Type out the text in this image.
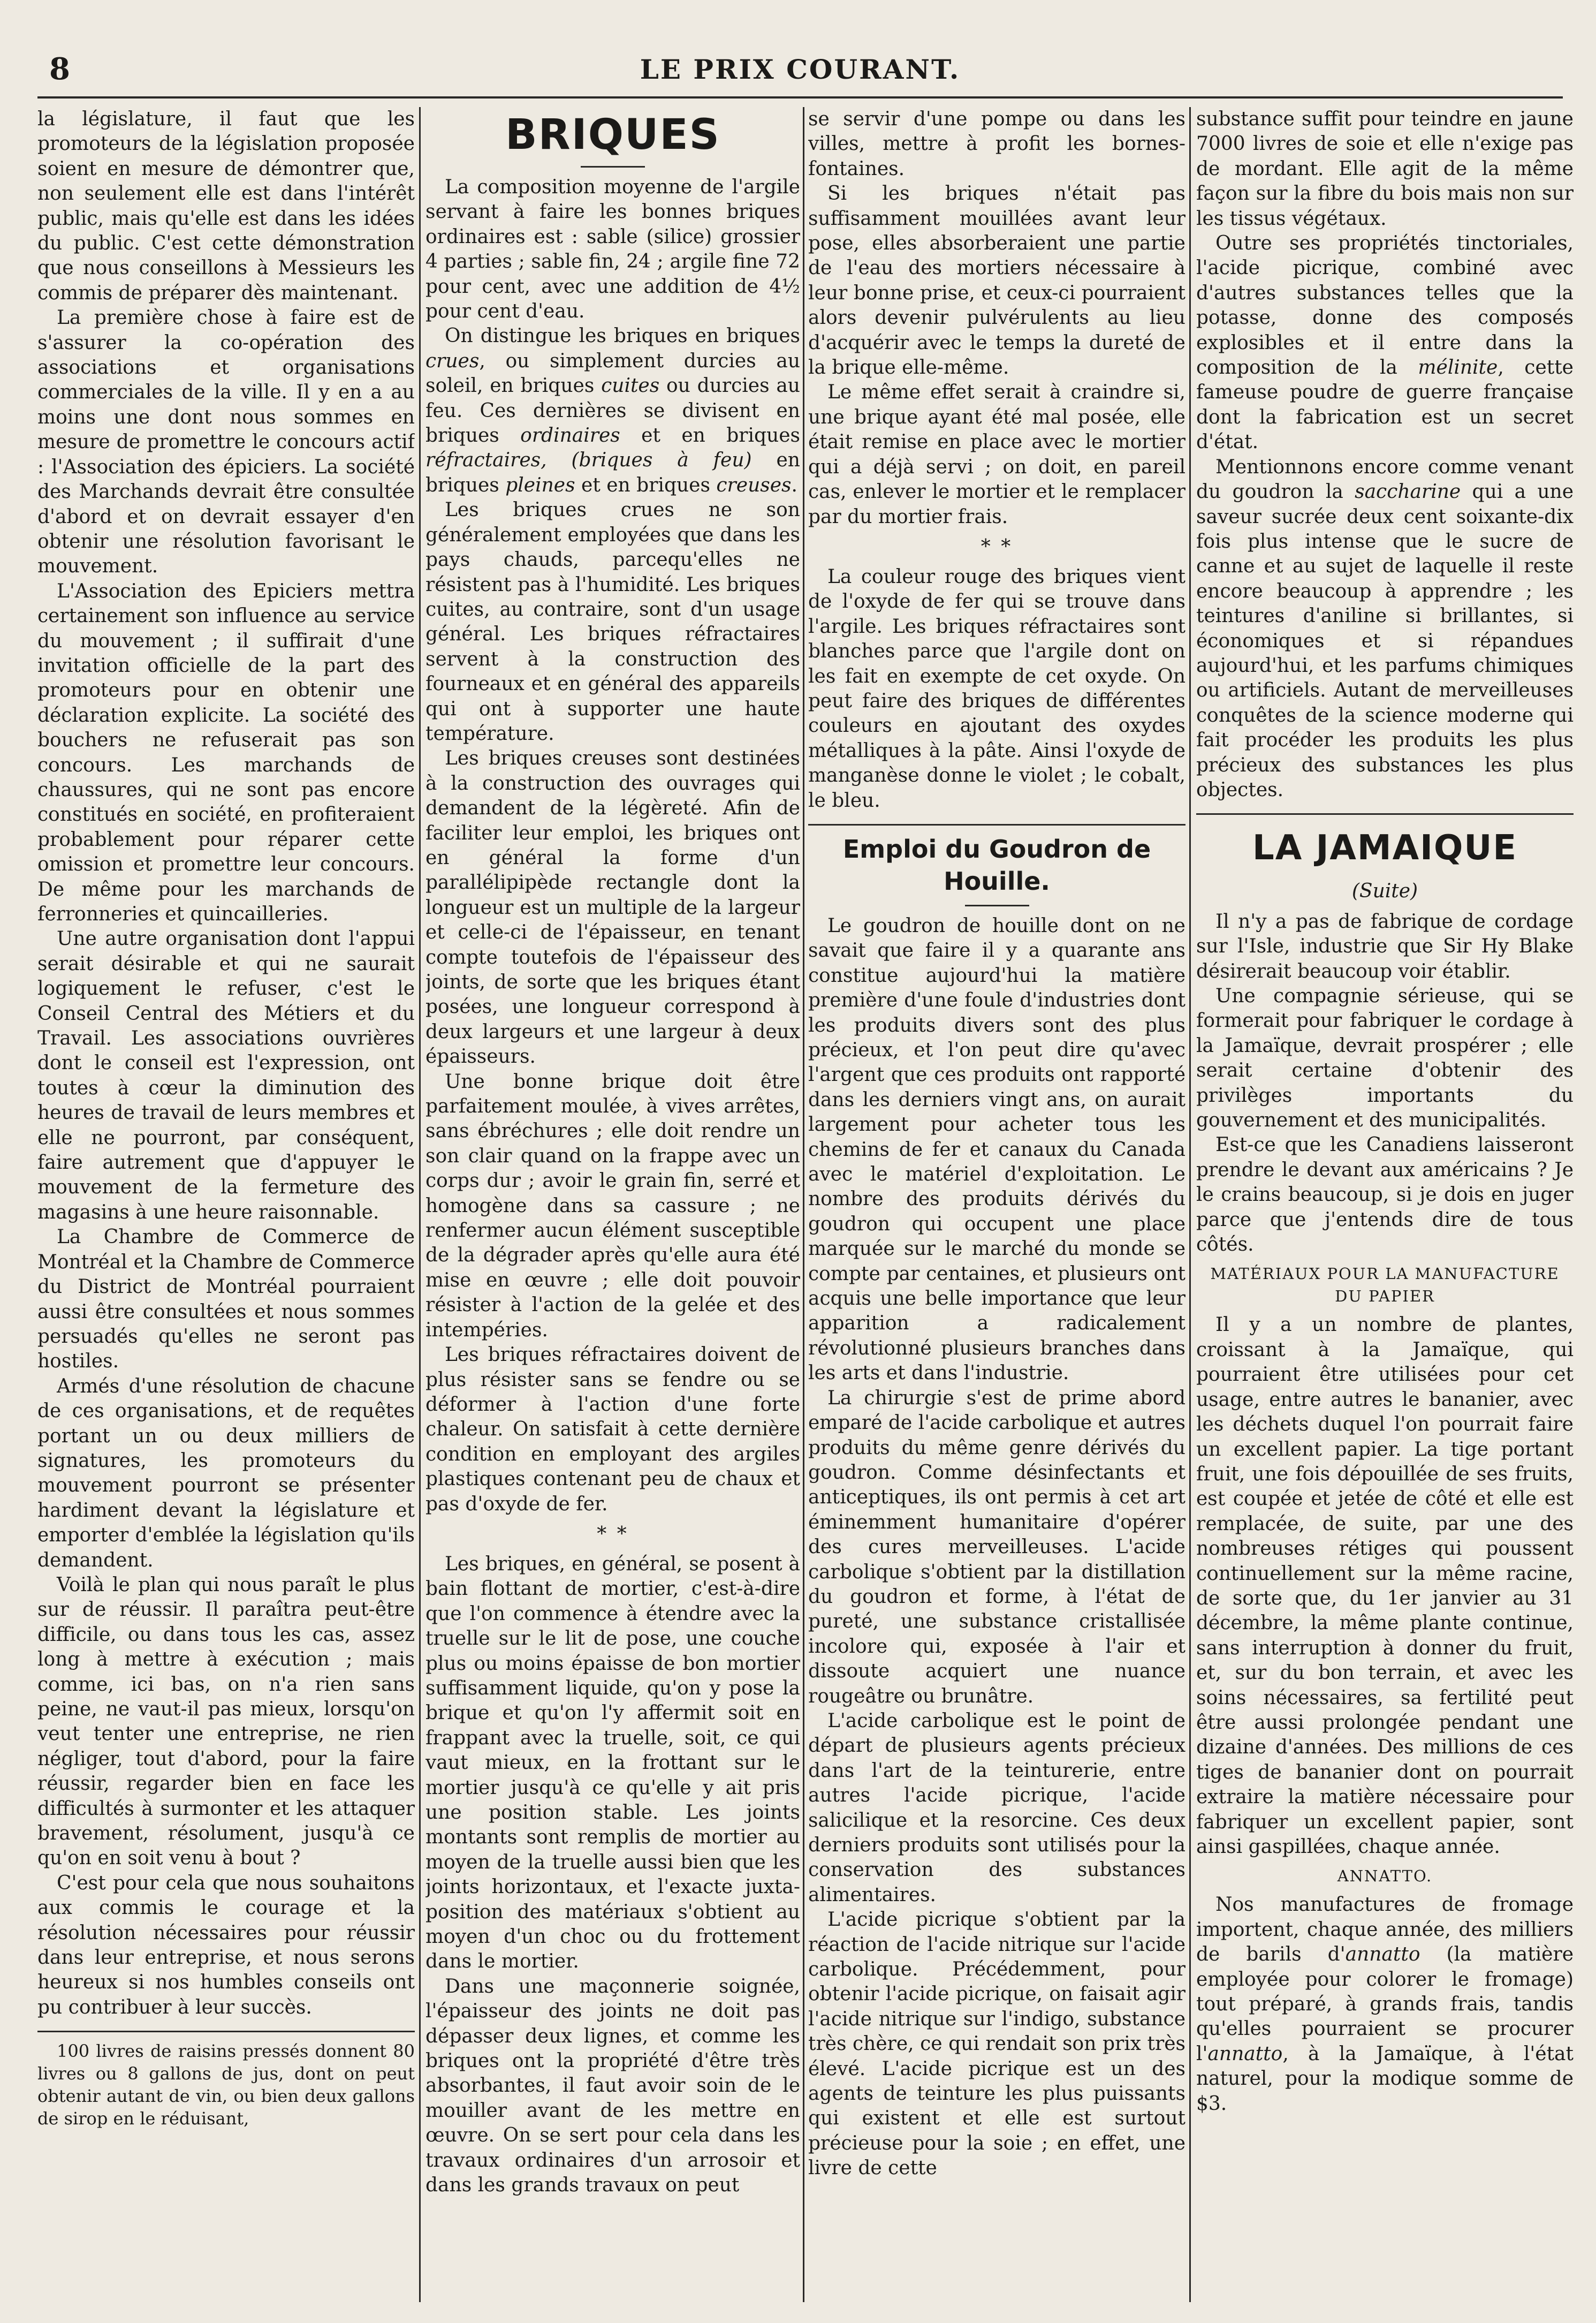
8	LE PRIX COURANT.

la législature, il faut que les promoteurs de la législation proposée soient en mesure de démontrer que, non seulement elle est dans l'intérêt public, mais qu'elle est dans les idées du public. C'est cette démonstration que nous conseillons à Messieurs les commis de préparer dès maintenant.

La première chose à faire est de s'assurer la co-opération des associations et organisations commerciales de la ville. Il y en a au moins une dont nous sommes en mesure de promettre le concours actif : l'Association des épiciers. La société des Marchands devrait être consultée d'abord et on devrait essayer d'en obtenir une résolution favorisant le mouvement.

L'Association des Epiciers mettra certainement son influence au service du mouvement ; il suffirait d'une invitation officielle de la part des promoteurs pour en obtenir une déclaration explicite. La société des bouchers ne refuserait pas son concours. Les marchands de chaussures, qui ne sont pas encore constitués en société, en profiteraient probablement pour réparer cette omission et promettre leur concours. De même pour les marchands de ferronneries et quincailleries.

Une autre organisation dont l'appui serait désirable et qui ne saurait logiquement le refuser, c'est le Conseil Central des Métiers et du Travail. Les associations ouvrières dont le conseil est l'expression, ont toutes à cœur la diminution des heures de travail de leurs membres et elle ne pourront, par conséquent, faire autrement que d'appuyer le mouvement de la fermeture des magasins à une heure raisonnable.

La Chambre de Commerce de Montréal et la Chambre de Commerce du District de Montréal pourraient aussi être consultées et nous sommes persuadés qu'elles ne seront pas hostiles.

Armés d'une résolution de chacune de ces organisations, et de requêtes portant un ou deux milliers de signatures, les promoteurs du mouvement pourront se présenter hardiment devant la législature et emporter d'emblée la législation qu'ils demandent.

Voilà le plan qui nous paraît le plus sur de réussir. Il paraîtra peut-être difficile, ou dans tous les cas, assez long à mettre à exécution ; mais comme, ici bas, on n'a rien sans peine, ne vaut-il pas mieux, lorsqu'on veut tenter une entreprise, ne rien négliger, tout d'abord, pour la faire réussir, regarder bien en face les difficultés à surmonter et les attaquer bravement, résolument, jusqu'à ce qu'on en soit venu à bout ?

C'est pour cela que nous souhaitons aux commis le courage et la résolution nécessaires pour réussir dans leur entreprise, et nous serons heureux si nos humbles conseils ont pu contribuer à leur succès.

100 livres de raisins pressés donnent 80 livres ou 8 gallons de jus, dont on peut obtenir autant de vin, ou bien deux gallons de sirop en le réduisant,

BRIQUES

La composition moyenne de l'argile servant à faire les bonnes briques ordinaires est : sable (silice) grossier 4 parties ; sable fin, 24 ; argile fine 72 pour cent, avec une addition de 4½ pour cent d'eau.

On distingue les briques en briques crues, ou simplement durcies au soleil, en briques cuites ou durcies au feu. Ces dernières se divisent en briques ordinaires et en briques réfractaires, (briques à feu) en briques pleines et en briques creuses.

Les briques crues ne son généralement employées que dans les pays chauds, parcequ'elles ne résistent pas à l'humidité. Les briques cuites, au contraire, sont d'un usage général. Les briques réfractaires servent à la construction des fourneaux et en général des appareils qui ont à supporter une haute température.

Les briques creuses sont destinées à la construction des ouvrages qui demandent de la légèreté. Afin de faciliter leur emploi, les briques ont en général la forme d'un parallélipipède rectangle dont la longueur est un multiple de la largeur et celle-ci de l'épaisseur, en tenant compte toutefois de l'épaisseur des joints, de sorte que les briques étant posées, une longueur correspond à deux largeurs et une largeur à deux épaisseurs.

Une bonne brique doit être parfaitement moulée, à vives arrêtes, sans ébréchures ; elle doit rendre un son clair quand on la frappe avec un corps dur ; avoir le grain fin, serré et homogène dans sa cassure ; ne renfermer aucun élément susceptible de la dégrader après qu'elle aura été mise en œuvre ; elle doit pouvoir résister à l'action de la gelée et des intempéries.

Les briques réfractaires doivent de plus résister sans se fendre ou se déformer à l'action d'une forte chaleur. On satisfait à cette dernière condition en employant des argiles plastiques contenant peu de chaux et pas d'oxyde de fer.

* *

Les briques, en général, se posent à bain flottant de mortier, c'est-à-dire que l'on commence à étendre avec la truelle sur le lit de pose, une couche plus ou moins épaisse de bon mortier suffisamment liquide, qu'on y pose la brique et qu'on l'y affermit soit en frappant avec la truelle, soit, ce qui vaut mieux, en la frottant sur le mortier jusqu'à ce qu'elle y ait pris une position stable. Les joints montants sont remplis de mortier au moyen de la truelle aussi bien que les joints horizontaux, et l'exacte juxta-position des matériaux s'obtient au moyen d'un choc ou du frottement dans le mortier.

Dans une maçonnerie soignée, l'épaisseur des joints ne doit pas dépasser deux lignes, et comme les briques ont la propriété d'être très absorbantes, il faut avoir soin de le mouiller avant de les mettre en œuvre. On se sert pour cela dans les travaux ordinaires d'un arrosoir et dans les grands travaux on peut

se servir d'une pompe ou dans les villes, mettre à profit les bornes-fontaines.

Si les briques n'était pas suffisamment mouillées avant leur pose, elles absorberaient une partie de l'eau des mortiers nécessaire à leur bonne prise, et ceux-ci pourraient alors devenir pulvérulents au lieu d'acquérir avec le temps la dureté de la brique elle-même.

Le même effet serait à craindre si, une brique ayant été mal posée, elle était remise en place avec le mortier qui a déjà servi ; on doit, en pareil cas, enlever le mortier et le remplacer par du mortier frais.

* *

La couleur rouge des briques vient de l'oxyde de fer qui se trouve dans l'argile. Les briques réfractaires sont blanches parce que l'argile dont on les fait en exempte de cet oxyde. On peut faire des briques de différentes couleurs en ajoutant des oxydes métalliques à la pâte. Ainsi l'oxyde de manganèse donne le violet ; le cobalt, le bleu.

Emploi du Goudron de Houille.

Le goudron de houille dont on ne savait que faire il y a quarante ans constitue aujourd'hui la matière première d'une foule d'industries dont les produits divers sont des plus précieux, et l'on peut dire qu'avec l'argent que ces produits ont rapporté dans les derniers vingt ans, on aurait largement pour acheter tous les chemins de fer et canaux du Canada avec le matériel d'exploitation. Le nombre des produits dérivés du goudron qui occupent une place marquée sur le marché du monde se compte par centaines, et plusieurs ont acquis une belle importance que leur apparition a radicalement révolutionné plusieurs branches dans les arts et dans l'industrie.

La chirurgie s'est de prime abord emparé de l'acide carbolique et autres produits du même genre dérivés du goudron. Comme désinfectants et anticeptiques, ils ont permis à cet art éminemment humanitaire d'opérer des cures merveilleuses. L'acide carbolique s'obtient par la distillation du goudron et forme, à l'état de pureté, une substance cristallisée incolore qui, exposée à l'air et dissoute acquiert une nuance rougeâtre ou brunâtre.

L'acide carbolique est le point de départ de plusieurs agents précieux dans l'art de la teinturerie, entre autres l'acide picrique, l'acide salicilique et la resorcine. Ces deux derniers produits sont utilisés pour la conservation des substances alimentaires.

L'acide picrique s'obtient par la réaction de l'acide nitrique sur l'acide carbolique. Précédemment, pour obtenir l'acide picrique, on faisait agir l'acide nitrique sur l'indigo, substance très chère, ce qui rendait son prix très élevé. L'acide picrique est un des agents de teinture les plus puissants qui existent et elle est surtout précieuse pour la soie ; en effet, une livre de cette

substance suffit pour teindre en jaune 7000 livres de soie et elle n'exige pas de mordant. Elle agit de la même façon sur la fibre du bois mais non sur les tissus végétaux.

Outre ses propriétés tinctoriales, l'acide picrique, combiné avec d'autres substances telles que la potasse, donne des composés explosibles et il entre dans la composition de la mélinite, cette fameuse poudre de guerre française dont la fabrication est un secret d'état.

Mentionnons encore comme venant du goudron la saccharine qui a une saveur sucrée deux cent soixante-dix fois plus intense que le sucre de canne et au sujet de laquelle il reste encore beaucoup à apprendre ; les teintures d'aniline si brillantes, si économiques et si répandues aujourd'hui, et les parfums chimiques ou artificiels. Autant de merveilleuses conquêtes de la science moderne qui fait procéder les produits les plus précieux des substances les plus objectes.

LA JAMAIQUE
(Suite)

Il n'y a pas de fabrique de cordage sur l'Isle, industrie que Sir Hy Blake désirerait beaucoup voir établir.

Une compagnie sérieuse, qui se formerait pour fabriquer le cordage à la Jamaïque, devrait prospérer ; elle serait certaine d'obtenir des privilèges importants du gouvernement et des municipalités.

Est-ce que les Canadiens laisseront prendre le devant aux américains ? Je le crains beaucoup, si je dois en juger parce que j'entends dire de tous côtés.

MATÉRIAUX POUR LA MANUFACTURE DU PAPIER

Il y a un nombre de plantes, croissant à la Jamaïque, qui pourraient être utilisées pour cet usage, entre autres le bananier, avec les déchets duquel l'on pourrait faire un excellent papier. La tige portant fruit, une fois dépouillée de ses fruits, est coupée et jetée de côté et elle est remplacée, de suite, par une des nombreuses rétiges qui poussent continuellement sur la même racine, de sorte que, du 1er janvier au 31 décembre, la même plante continue, sans interruption à donner du fruit, et, sur du bon terrain, et avec les soins nécessaires, sa fertilité peut être aussi prolongée pendant une dizaine d'années. Des millions de ces tiges de bananier dont on pourrait extraire la matière nécessaire pour fabriquer un excellent papier, sont ainsi gaspillées, chaque année.

ANNATTO.

Nos manufactures de fromage importent, chaque année, des milliers de barils d'annatto (la matière employée pour colorer le fromage) tout préparé, à grands frais, tandis qu'elles pourraient se procurer l'annatto, à la Jamaïque, à l'état naturel, pour la modique somme de $3.
